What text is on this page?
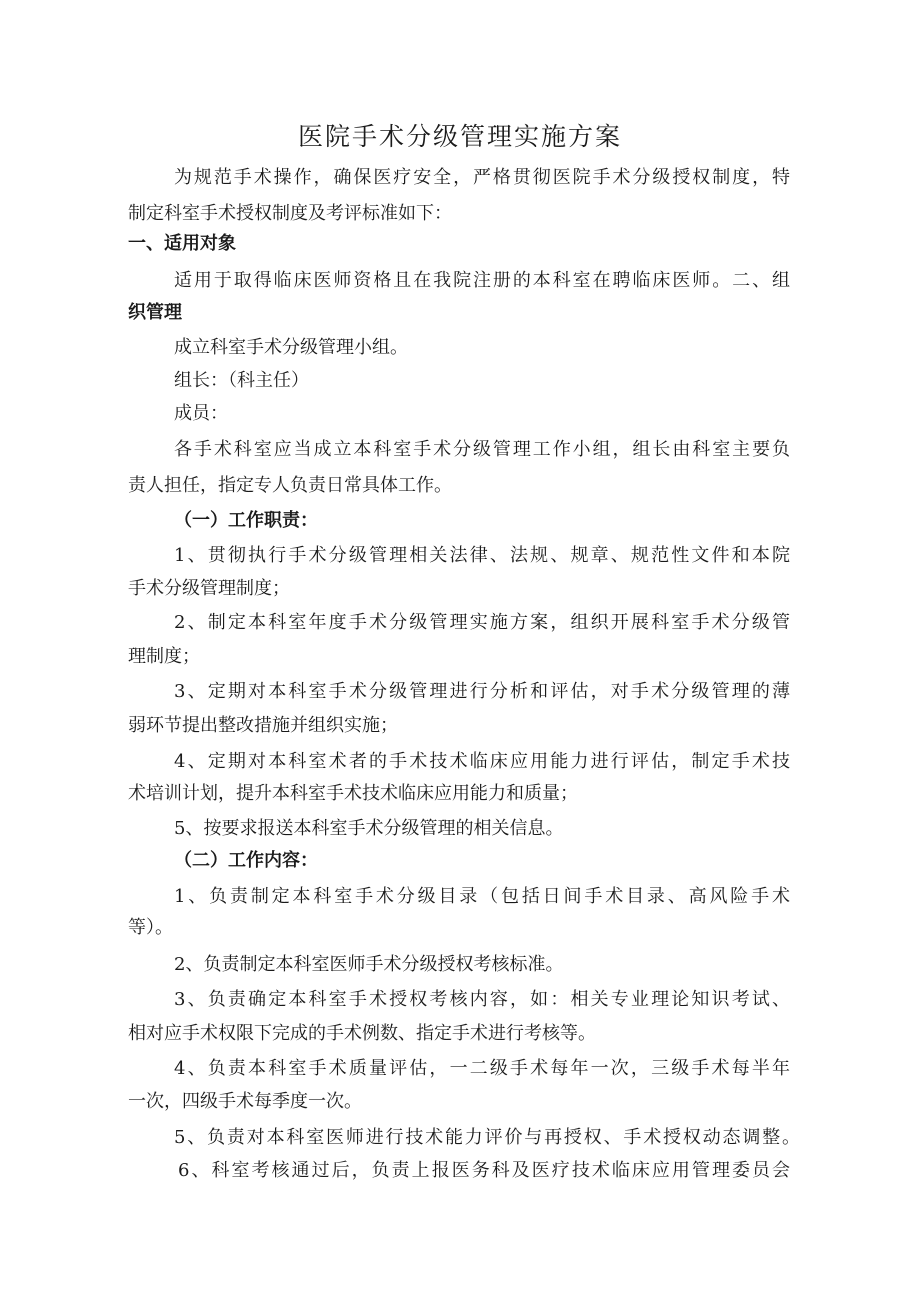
医院手术分级管理实施方案
为规范手术操作，确保医疗安全，严格贯彻医院手术分级授权制度，特
制定科室手术授权制度及考评标准如下：
一、适用对象
适用于取得临床医师资格且在我院注册的本科室在聘临床医师。二、组
织管理
成立科室手术分级管理小组。
组长：（科主任）
成员：
各手术科室应当成立本科室手术分级管理工作小组，组长由科室主要负
责人担任，指定专人负责日常具体工作。
（一）工作职责：
1、贯彻执行手术分级管理相关法律、法规、规章、规范性文件和本院
手术分级管理制度；
2、制定本科室年度手术分级管理实施方案，组织开展科室手术分级管
理制度；
3、定期对本科室手术分级管理进行分析和评估，对手术分级管理的薄
弱环节提出整改措施并组织实施；
4、定期对本科室术者的手术技术临床应用能力进行评估，制定手术技
术培训计划，提升本科室手术技术临床应用能力和质量；
5、按要求报送本科室手术分级管理的相关信息。
（二）工作内容：
1、负责制定本科室手术分级目录（包括日间手术目录、高风险手术
等）。
2、负责制定本科室医师手术分级授权考核标准。
3、负责确定本科室手术授权考核内容，如：相关专业理论知识考试、
相对应手术权限下完成的手术例数、指定手术进行考核等。
4、负责本科室手术质量评估，一二级手术每年一次，三级手术每半年
一次，四级手术每季度一次。
5、负责对本科室医师进行技术能力评价与再授权、手术授权动态调整。
6、科室考核通过后，负责上报医务科及医疗技术临床应用管理委员会
